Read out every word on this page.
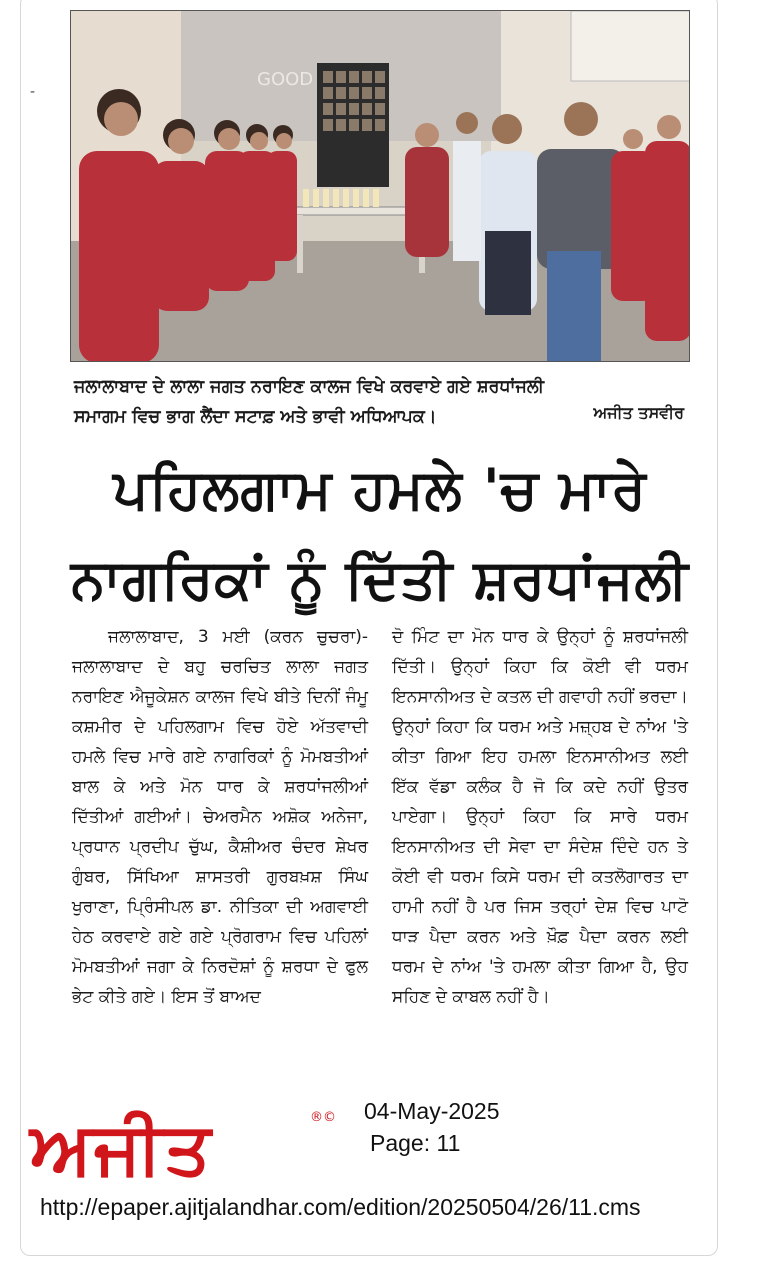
-
GOOD
ਜਲਾਲਾਬਾਦ ਦੇ ਲਾਲਾ ਜਗਤ ਨਰਾਇਣ ਕਾਲਜ ਵਿਖੇ ਕਰਵਾਏ ਗਏ ਸ਼ਰਧਾਂਜਲੀ
ਸਮਾਗਮ ਵਿਚ ਭਾਗ ਲੈਂਦਾ ਸਟਾਫ਼ ਅਤੇ ਭਾਵੀ ਅਧਿਆਪਕ।	ਅਜੀਤ ਤਸਵੀਰ
ਪਹਿਲਗਾਮ ਹਮਲੇ 'ਚ ਮਾਰੇ
ਨਾਗਰਿਕਾਂ ਨੂੰ ਦਿੱਤੀ ਸ਼ਰਧਾਂਜਲੀ
ਜਲਾਲਾਬਾਦ, 3 ਮਈ (ਕਰਨ ਚੁਚਰਾ)-ਜਲਾਲਾਬਾਦ ਦੇ ਬਹੁ ਚਰਚਿਤ ਲਾਲਾ ਜਗਤ ਨਰਾਇਣ ਐਜੂਕੇਸ਼ਨ ਕਾਲਜ ਵਿਖੇ ਬੀਤੇ ਦਿਨੀਂ ਜੰਮੂ ਕਸ਼ਮੀਰ ਦੇ ਪਹਿਲਗਾਮ ਵਿਚ ਹੋਏ ਅੱਤਵਾਦੀ ਹਮਲੇ ਵਿਚ ਮਾਰੇ ਗਏ ਨਾਗਰਿਕਾਂ ਨੂੰ ਮੋਮਬਤੀਆਂ ਬਾਲ ਕੇ ਅਤੇ ਮੋਨ ਧਾਰ ਕੇ ਸ਼ਰਧਾਂਜਲੀਆਂ ਦਿੱਤੀਆਂ ਗਈਆਂ। ਚੇਅਰਮੈਨ ਅਸ਼ੋਕ ਅਨੇਜਾ, ਪ੍ਰਧਾਨ ਪ੍ਰਦੀਪ ਚੁੱਘ, ਕੈਸ਼ੀਅਰ ਚੰਦਰ ਸ਼ੇਖਰ ਗੁੰਬਰ, ਸਿੱਖਿਆ ਸ਼ਾਸਤਰੀ ਗੁਰਬਖ਼ਸ਼ ਸਿੰਘ ਖੁਰਾਣਾ, ਪ੍ਰਿੰਸੀਪਲ ਡਾ. ਨੀਤਿਕਾ ਦੀ ਅਗਵਾਈ ਹੇਠ ਕਰਵਾਏ ਗਏ ਗਏ ਪ੍ਰੋਗਰਾਮ ਵਿਚ ਪਹਿਲਾਂ ਮੋਮਬਤੀਆਂ ਜਗਾ ਕੇ ਨਿਰਦੋਸ਼ਾਂ ਨੂੰ ਸ਼ਰਧਾ ਦੇ ਫੁਲ ਭੇਟ ਕੀਤੇ ਗਏ। ਇਸ ਤੋਂ ਬਾਅਦ
ਦੋ ਮਿੰਟ ਦਾ ਮੋਨ ਧਾਰ ਕੇ ਉਨ੍ਹਾਂ ਨੂੰ ਸ਼ਰਧਾਂਜਲੀ ਦਿੱਤੀ। ਉਨ੍ਹਾਂ ਕਿਹਾ ਕਿ ਕੋਈ ਵੀ ਧਰਮ ਇਨਸਾਨੀਅਤ ਦੇ ਕਤਲ ਦੀ ਗਵਾਹੀ ਨਹੀਂ ਭਰਦਾ। ਉਨ੍ਹਾਂ ਕਿਹਾ ਕਿ ਧਰਮ ਅਤੇ ਮਜ਼੍ਹਬ ਦੇ ਨਾਂਅ 'ਤੇ ਕੀਤਾ ਗਿਆ ਇਹ ਹਮਲਾ ਇਨਸਾਨੀਅਤ ਲਈ ਇੱਕ ਵੱਡਾ ਕਲੰਕ ਹੈ ਜੋ ਕਿ ਕਦੇ ਨਹੀਂ ਉਤਰ ਪਾਏਗਾ। ਉਨ੍ਹਾਂ ਕਿਹਾ ਕਿ ਸਾਰੇ ਧਰਮ ਇਨਸਾਨੀਅਤ ਦੀ ਸੇਵਾ ਦਾ ਸੰਦੇਸ਼ ਦਿੰਦੇ ਹਨ ਤੇ ਕੋਈ ਵੀ ਧਰਮ ਕਿਸੇ ਧਰਮ ਦੀ ਕਤਲੋਗਾਰਤ ਦਾ ਹਾਮੀ ਨਹੀਂ ਹੈ ਪਰ ਜਿਸ ਤਰ੍ਹਾਂ ਦੇਸ਼ ਵਿਚ ਪਾਟੋ ਧਾੜ ਪੈਦਾ ਕਰਨ ਅਤੇ ਖ਼ੌਫ਼ ਪੈਦਾ ਕਰਨ ਲਈ ਧਰਮ ਦੇ ਨਾਂਅ 'ਤੇ ਹਮਲਾ ਕੀਤਾ ਗਿਆ ਹੈ, ਉਹ ਸਹਿਣ ਦੇ ਕਾਬਲ ਨਹੀਂ ਹੈ।
ਅਜੀਤ	®© 04-May-2025
Page: 11
http://epaper.ajitjalandhar.com/edition/20250504/26/11.cms
